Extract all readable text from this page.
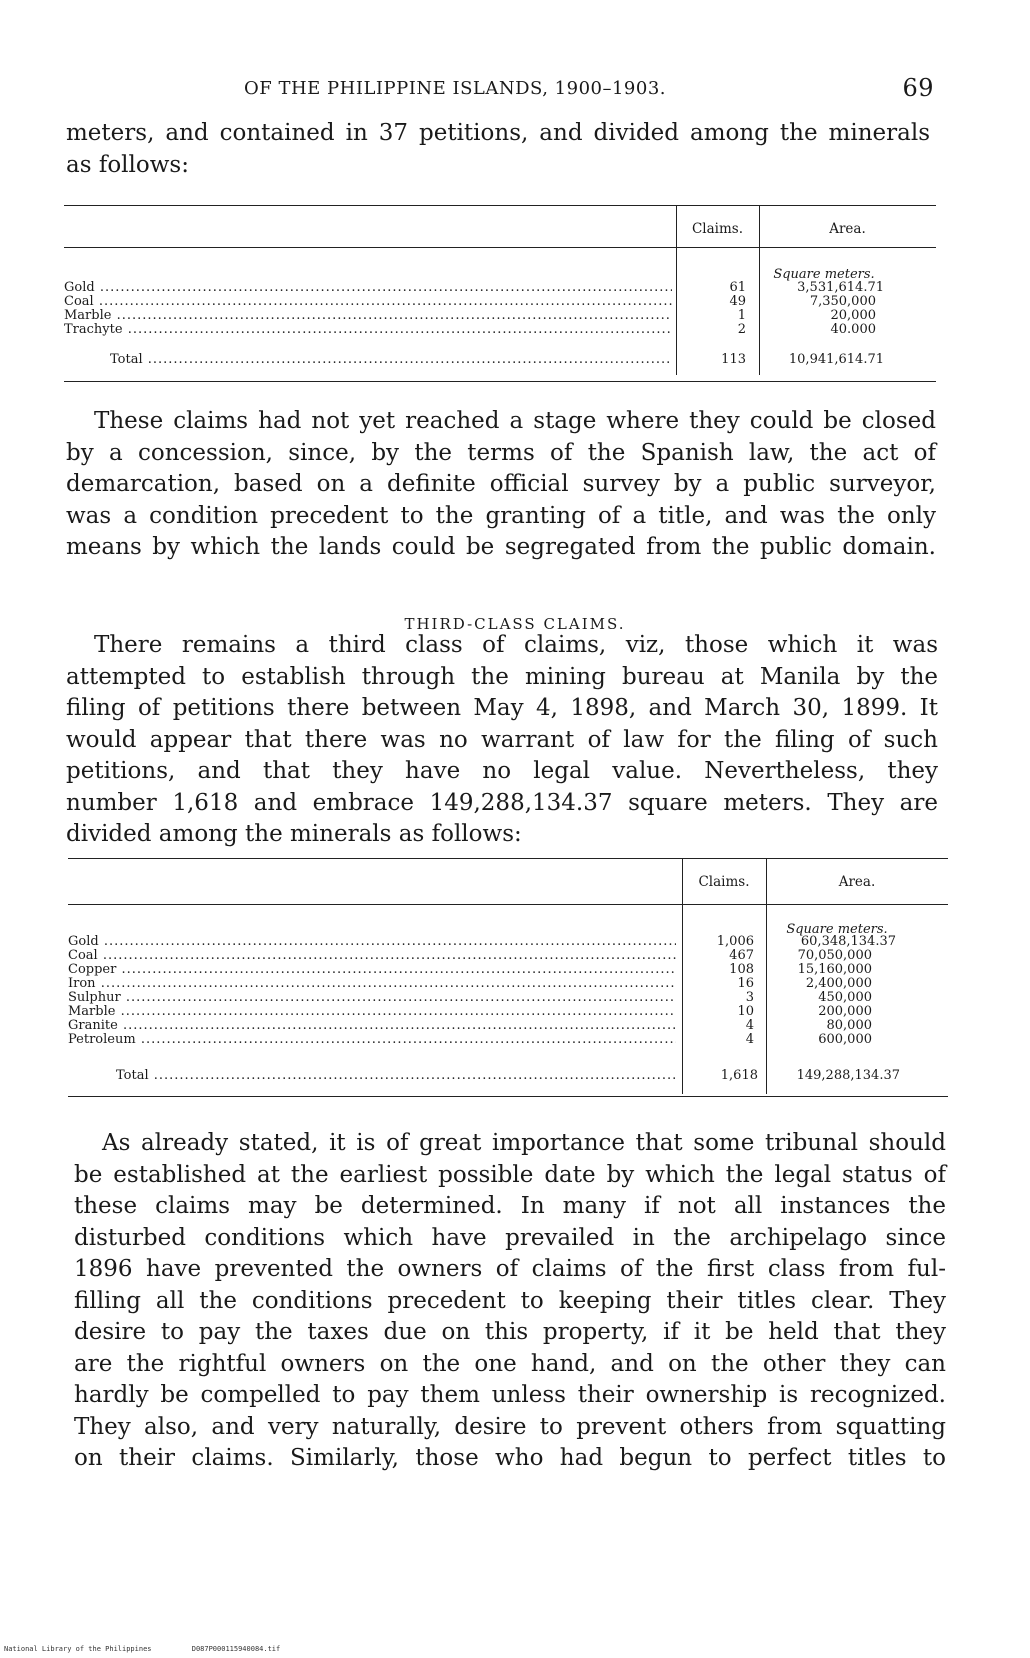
OF THE PHILIPPINE ISLANDS, 1900–1903.	69
meters, and contained in 37 petitions, and divided among the minerals
as follows:
Claims.	Area.
Square meters.
Gold .....	61	3,531,614.71
Coal .....	49	7,350,000
Marble .....	1	20,000
Trachyte .....	2	40.000
Total .....	113	10,941,614.71
These claims had not yet reached a stage where they could be closed
by a concession, since, by the terms of the Spanish law, the act of
demarcation, based on a definite official survey by a public surveyor,
was a condition precedent to the granting of a title, and was the only
means by which the lands could be segregated from the public domain.
THIRD-CLASS CLAIMS.
There remains a third class of claims, viz, those which it was
attempted to establish through the mining bureau at Manila by the
filing of petitions there between May 4, 1898, and March 30, 1899. It
would appear that there was no warrant of law for the filing of such
petitions, and that they have no legal value. Nevertheless, they
number 1,618 and embrace 149,288,134.37 square meters. They are
divided among the minerals as follows:
Claims.	Area.
Square meters.
Gold .....	1,006	60,348,134.37
Coal .....	467	70,050,000
Copper .....	108	15,160,000
Iron .....	16	2,400,000
Sulphur .....	3	450,000
Marble .....	10	200,000
Granite .....	4	80,000
Petroleum .....	4	600,000
Total .....	1,618	149,288,134.37
As already stated, it is of great importance that some tribunal should
be established at the earliest possible date by which the legal status of
these claims may be determined. In many if not all instances the
disturbed conditions which have prevailed in the archipelago since
1896 have prevented the owners of claims of the first class from ful-
filling all the conditions precedent to keeping their titles clear. They
desire to pay the taxes due on this property, if it be held that they
are the rightful owners on the one hand, and on the other they can
hardly be compelled to pay them unless their ownership is recognized.
They also, and very naturally, desire to prevent others from squatting
on their claims. Similarly, those who had begun to perfect titles to
National Library of the Philippines	D087P000115940084.tif
